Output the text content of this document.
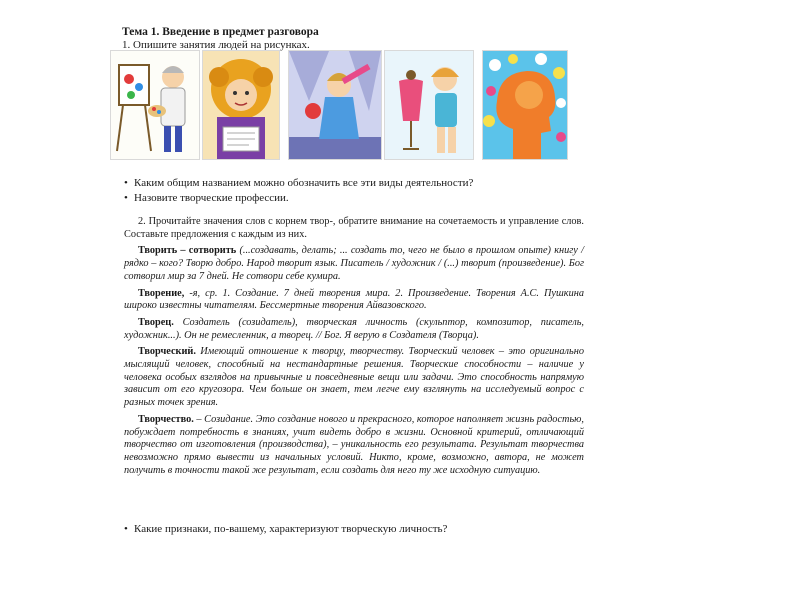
Тема 1. Введение в предмет разговора

1. Опишите занятия людей на рисунках.

• Каким общим названием можно обозначить все эти виды деятельности?

• Назовите творческие профессии.

2. Прочитайте значения слов с корнем твор-, обратите внимание на сочетаемость и управление слов. Составьте предложения с каждым из них.

Творить – сотворить (...создавать, делать; ... создать то, чего не было в прошлом опыте) книгу / рядко – кого? Творю добро. Народ творит язык. Писатель / художник / (...) творит (произведение). Бог сотворил мир за 7 дней. Не сотвори себе кумира.

Творение, -я, ср. 1. Создание. 7 дней творения мира. 2. Произведение. Творения А.С. Пушкина широко известны читателям. Бессмертные творения Айвазовского.

Творец. Создатель (созидатель), творческая личность (скульптор, композитор, писатель, художник...). Он не ремесленник, а творец. // Бог. Я верую в Создателя (Творца).

Творческий. Имеющий отношение к творцу, творчеству. Творческий человек – это оригинально мыслящий человек, способный на нестандартные решения. Творческие способности – наличие у человека особых взглядов на привычные и повседневные вещи или задачи. Это способность напрямую зависит от его кругозора. Чем больше он знает, тем легче ему взглянуть на исследуемый вопрос с разных точек зрения.

Творчество. – Созидание. Это создание нового и прекрасного, которое наполняет жизнь радостью, побуждает потребность в знаниях, учит видеть добро в жизни. Основной критерий, отличающий творчество от изготовления (производства), – уникальность его результата. Результат творчества невозможно прямо вывести из начальных условий. Никто, кроме, возможно, автора, не может получить в точности такой же результат, если создать для него ту же исходную ситуацию.

• Какие признаки, по-вашему, характеризуют творческую личность?
